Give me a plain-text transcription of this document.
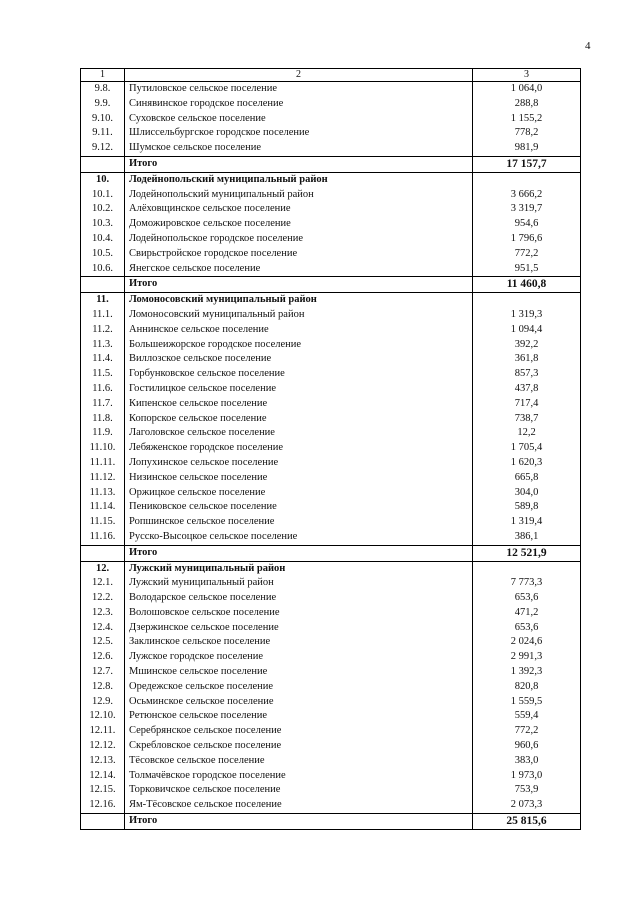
4
1	2	3
9.8.	Путиловское сельское поселение	1 064,0
9.9.	Синявинское городское поселение	288,8
9.10.	Суховское сельское поселение	1 155,2
9.11.	Шлиссельбургское городское поселение	778,2
9.12.	Шумское сельское поселение	981,9
	Итого	17 157,7
10.	Лодейнопольский муниципальный район	
10.1.	Лодейнопольский муниципальный район	3 666,2
10.2.	Алёховщинское сельское поселение	3 319,7
10.3.	Доможировское сельское поселение	954,6
10.4.	Лодейнопольское городское поселение	1 796,6
10.5.	Свирьстройское городское поселение	772,2
10.6.	Янегское сельское поселение	951,5
	Итого	11 460,8
11.	Ломоносовский муниципальный район	
11.1.	Ломоносовский муниципальный район	1 319,3
11.2.	Аннинское сельское поселение	1 094,4
11.3.	Большеижорское городское поселение	392,2
11.4.	Виллозское сельское поселение	361,8
11.5.	Горбунковское сельское поселение	857,3
11.6.	Гостилицкое сельское поселение	437,8
11.7.	Кипенское сельское поселение	717,4
11.8.	Копорское сельское поселение	738,7
11.9.	Лаголовское сельское поселение	12,2
11.10.	Лебяженское городское поселение	1 705,4
11.11.	Лопухинское сельское поселение	1 620,3
11.12.	Низинское сельское поселение	665,8
11.13.	Оржицкое сельское поселение	304,0
11.14.	Пениковское сельское поселение	589,8
11.15.	Ропшинское сельское поселение	1 319,4
11.16.	Русско-Высоцкое сельское поселение	386,1
	Итого	12 521,9
12.	Лужский муниципальный район	
12.1.	Лужский муниципальный район	7 773,3
12.2.	Володарское сельское поселение	653,6
12.3.	Волошовское сельское поселение	471,2
12.4.	Дзержинское сельское поселение	653,6
12.5.	Заклинское сельское поселение	2 024,6
12.6.	Лужское городское поселение	2 991,3
12.7.	Мшинское сельское поселение	1 392,3
12.8.	Оредежское сельское поселение	820,8
12.9.	Осьминское сельское поселение	1 559,5
12.10.	Ретюнское сельское поселение	559,4
12.11.	Серебрянское сельское поселение	772,2
12.12.	Скребловское сельское поселение	960,6
12.13.	Тёсовское сельское поселение	383,0
12.14.	Толмачёвское городское поселение	1 973,0
12.15.	Торковичское сельское поселение	753,9
12.16.	Ям-Тёсовское сельское поселение	2 073,3
	Итого	25 815,6
